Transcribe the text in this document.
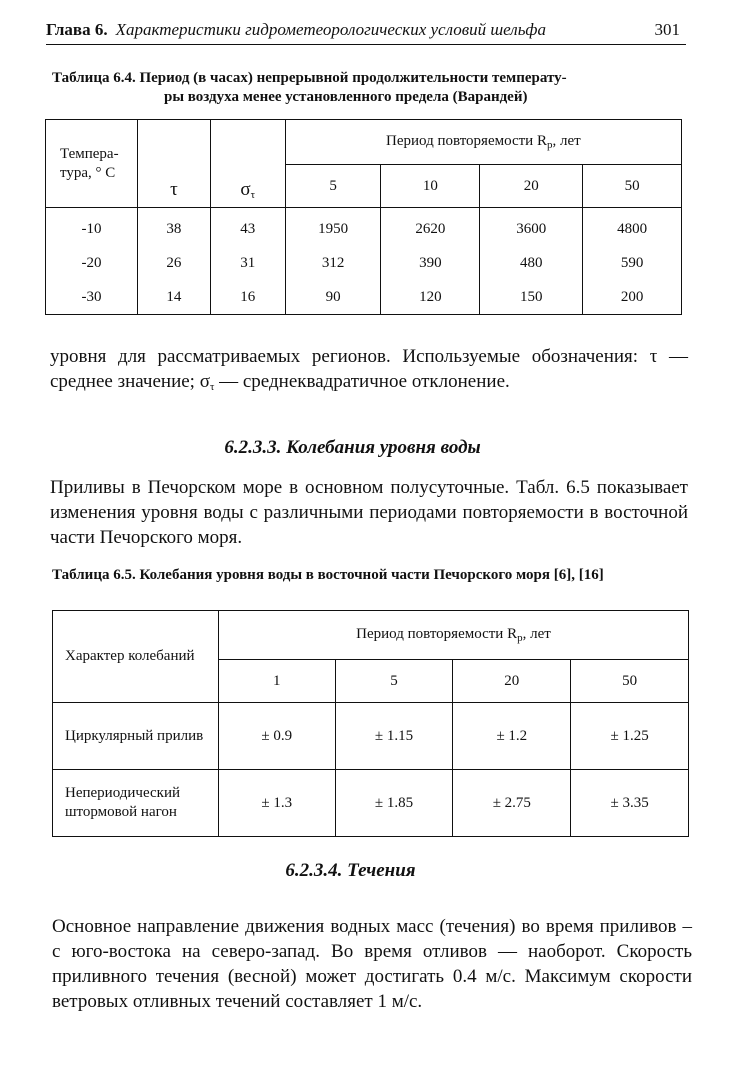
Глава 6. Характеристики гидрометеорологических условий шельфа	301
Таблица 6.4. Период (в часах) непрерывной продолжительности температу-
ры воздуха менее установленного предела (Варандей)
Темпера-тура, ° C	τ	$\sigma_\tau$	Период повторяемости $R_р$, лет			
			5	10	20	50
-10	38	43	1950	2620	3600	4800
-20	26	31	312	390	480	590
-30	14	16	90	120	150	200
уровня для рассматриваемых регионов. Используемые обозначения: τ — среднее значение; $\sigma_\tau$ — среднеквадратичное отклонение.
6.2.3.3. Колебания уровня воды
Приливы в Печорском море в основном полусуточные. Табл. 6.5 показывает изменения уровня воды с различными периодами повторяемости в восточной части Печорского моря.
Таблица 6.5. Колебания уровня воды в восточной части Печорского моря [6], [16]
Характер колебаний	Период повторяемости $R_р$, лет			
	1	5	20	50
Циркулярный прилив	± 0.9	± 1.15	± 1.2	± 1.25
Непериодический штормовой нагон	± 1.3	± 1.85	± 2.75	± 3.35
6.2.3.4. Течения
Основное направление движения водных масс (течения) во время приливов – с юго-востока на северо-запад. Во время отливов — наоборот. Скорость приливного течения (весной) может достигать 0.4 м/с. Максимум скорости ветровых отливных течений составляет 1 м/с.
